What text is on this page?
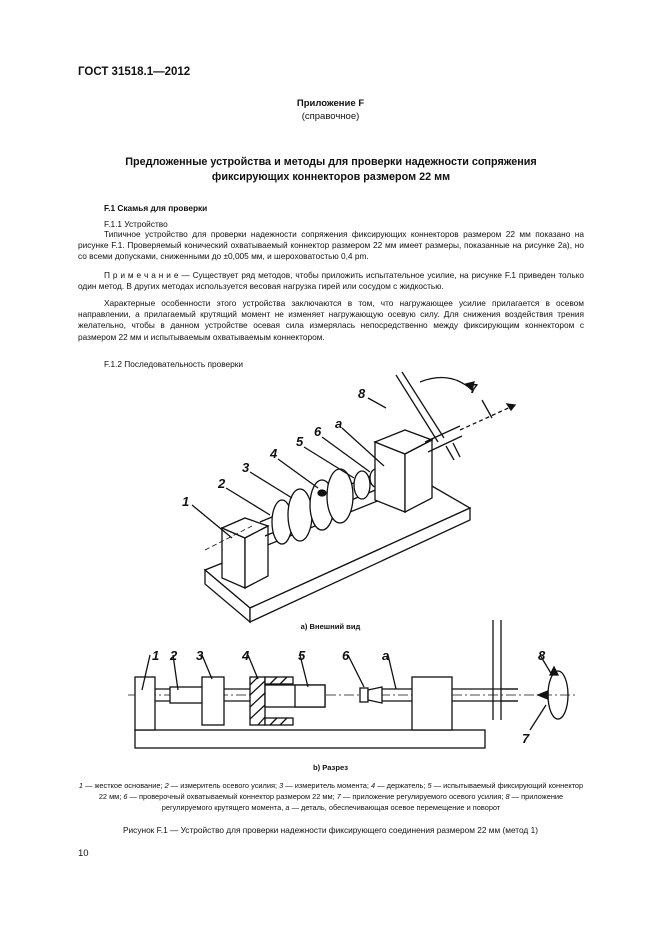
ГОСТ 31518.1—2012
Приложение F
(справочное)
Предложенные устройства и методы для проверки надежности сопряжения фиксирующих коннекторов размером 22 мм
F.1 Скамья для проверки
F.1.1 Устройство
Типичное устройство для проверки надежности сопряжения фиксирующих коннекторов размером 22 мм показано на рисунке F.1. Проверяемый конический охватываемый коннектор размером 22 мм имеет размеры, показанные на рисунке 2а), но со всеми допусками, сниженными до ±0,005 мм, и шероховатостью 0,4 pm.
П р и м е ч а н и е — Существует ряд методов, чтобы приложить испытательное усилие, на рисунке F.1 приведен только один метод. В других методах используется весовая нагрузка гирей или сосудом с жидкостью.
Характерные особенности этого устройства заключаются в том, что нагружающее усилие прилагается в осевом направлении, а прилагаемый крутящий момент не изменяет нагружающую осевую силу. Для снижения воздействия трения желательно, чтобы в данном устройстве осевая сила измерялась непосредственно между фиксирующим коннектором с размером 22 мм и испытываемым охватываемым коннектором.
F.1.2 Последовательность проверки
1
2
3
4
5
6
a
8	7
а) Внешний вид
1 2 3	4	5	6	a	8
7
b) Разрез
1 — жесткое основание; 2 — измеритель осевого усилия; 3 — измеритель момента; 4 — держатель; 5 — испытываемый фиксирующий коннектор 22 мм; 6 — проверочный охватываемый коннектор размером 22 мм; 7 — приложение регулируемого осевого усилия; 8 — приложение регулируемого крутящего момента, а — деталь, обеспечивающая осевое перемещение и поворот
Рисунок F.1 — Устройство для проверки надежности фиксирующего соединения размером 22 мм (метод 1)
10
